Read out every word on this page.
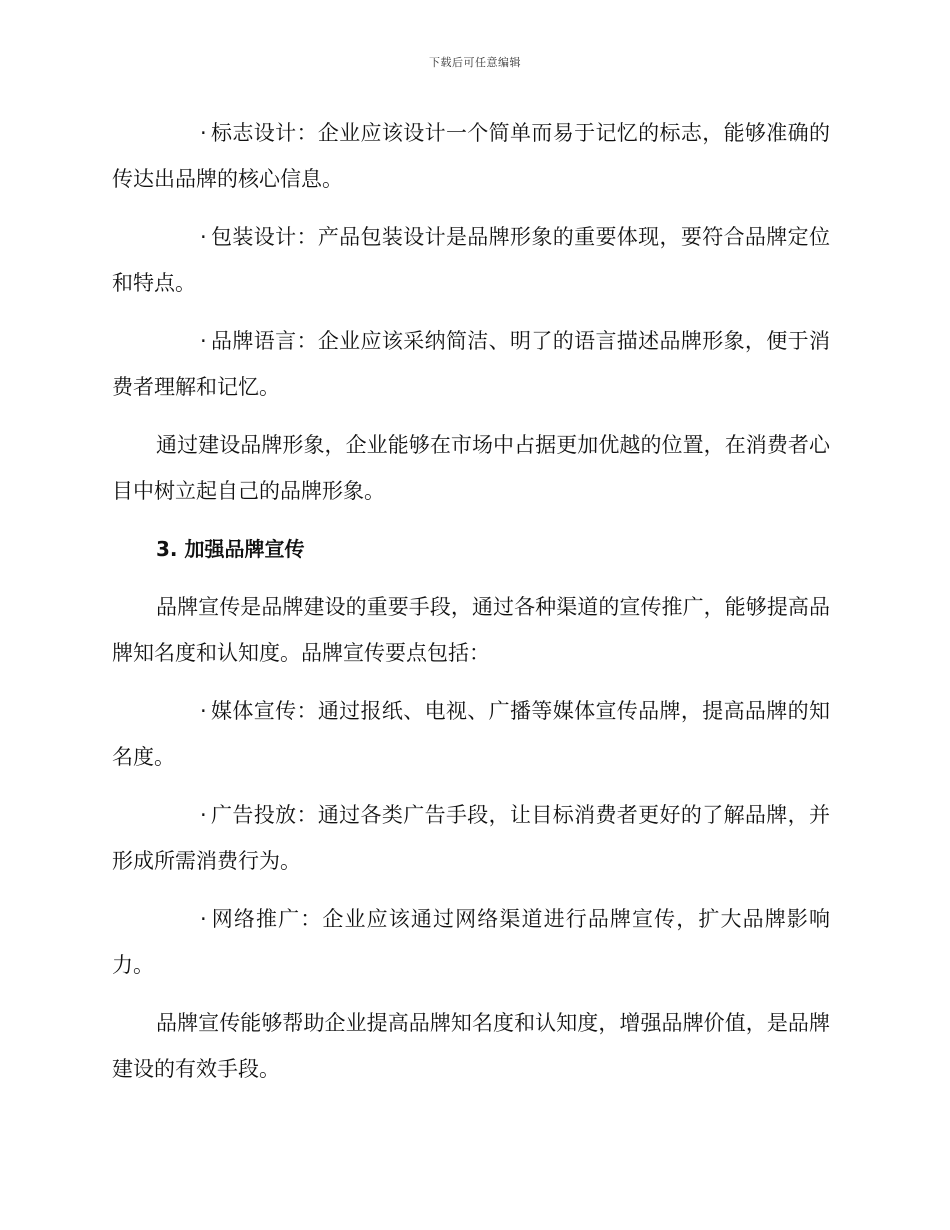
下载后可任意编辑

· 标志设计：企业应该设计一个简单而易于记忆的标志，能够准确的传达出品牌的核心信息。

· 包装设计：产品包装设计是品牌形象的重要体现，要符合品牌定位和特点。

· 品牌语言：企业应该采纳简洁、明了的语言描述品牌形象，便于消费者理解和记忆。

通过建设品牌形象，企业能够在市场中占据更加优越的位置，在消费者心目中树立起自己的品牌形象。

3. 加强品牌宣传

品牌宣传是品牌建设的重要手段，通过各种渠道的宣传推广，能够提高品牌知名度和认知度。品牌宣传要点包括：

· 媒体宣传：通过报纸、电视、广播等媒体宣传品牌，提高品牌的知名度。

· 广告投放：通过各类广告手段，让目标消费者更好的了解品牌，并形成所需消费行为。

· 网络推广：企业应该通过网络渠道进行品牌宣传，扩大品牌影响力。

品牌宣传能够帮助企业提高品牌知名度和认知度，增强品牌价值，是品牌建设的有效手段。
